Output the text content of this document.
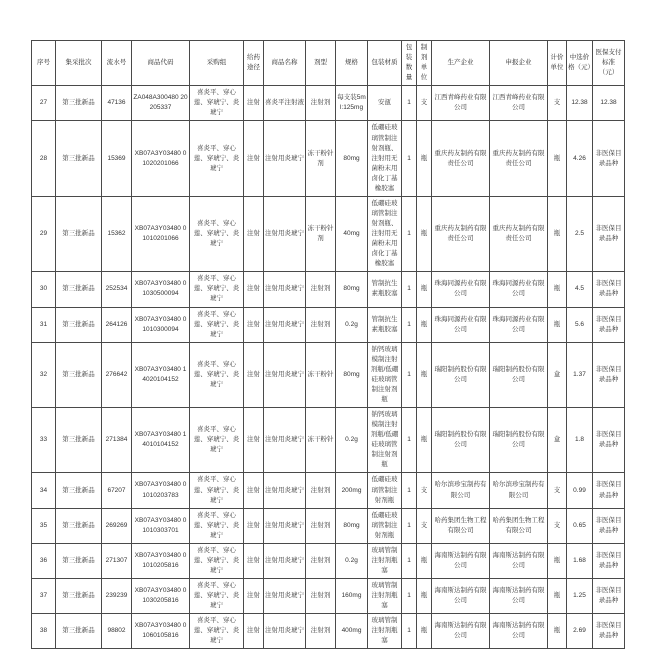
序号	集采批次	流水号	商品代码	采购组	给药途径	商品名称	剂型	规格	包装材质	包装数量	制剂单位	生产企业	申报企业	计价单位	中选价格（元）	医保支付标准（元）
27	第三批新品	47136	ZA048A300480 20205337	喜炎平、穿心莲、穿琥宁、炎琥宁	注射	喜炎平注射液	注射剂	每支装5ml:125mg	安瓿	1	支	江西青峰药业有限公司	江西青峰药业有限公司	支	12.38	12.38
28	第三批新品	15369	XB07A3Y03480 01020201066	喜炎平、穿心莲、穿琥宁、炎琥宁	注射	注射用炎琥宁	冻干粉针剂	80mg	低硼硅玻璃管制注射剂瓶、注射用无菌粉末用卤化丁基橡胶塞	1	瓶	重庆药友制药有限责任公司	重庆药友制药有限责任公司	瓶	4.26	非医保目录品种
29	第三批新品	15362	XB07A3Y03480 01010201066	喜炎平、穿心莲、穿琥宁、炎琥宁	注射	注射用炎琥宁	冻干粉针剂	40mg	低硼硅玻璃管制注射剂瓶、注射用无菌粉末用卤化丁基橡胶塞	1	瓶	重庆药友制药有限责任公司	重庆药友制药有限责任公司	瓶	2.5	非医保目录品种
30	第三批新品	252534	XB07A3Y03480 01030500094	喜炎平、穿心莲、穿琥宁、炎琥宁	注射	注射用炎琥宁	注射剂	80mg	管制抗生素瓶胶塞	1	瓶	珠海同源药业有限公司	珠海同源药业有限公司	瓶	4.5	非医保目录品种
31	第三批新品	264126	XB07A3Y03480 01010300094	喜炎平、穿心莲、穿琥宁、炎琥宁	注射	注射用炎琥宁	注射剂	0.2g	管制抗生素瓶胶塞	1	瓶	珠海同源药业有限公司	珠海同源药业有限公司	瓶	5.6	非医保目录品种
32	第三批新品	276642	XB07A3Y03480 14020104152	喜炎平、穿心莲、穿琥宁、炎琥宁	注射	注射用炎琥宁	冻干粉针	80mg	钠钙玻璃模制注射剂瓶/低硼硅玻璃管制注射剂瓶	1	瓶	瑞阳制药股份有限公司	瑞阳制药股份有限公司	盒	1.37	非医保目录品种
33	第三批新品	271384	XB07A3Y03480 14010104152	喜炎平、穿心莲、穿琥宁、炎琥宁	注射	注射用炎琥宁	冻干粉针	0.2g	钠钙玻璃模制注射剂瓶/低硼硅玻璃管制注射剂瓶	1	瓶	瑞阳制药股份有限公司	瑞阳制药股份有限公司	盒	1.8	非医保目录品种
34	第三批新品	67207	XB07A3Y03480 01010203783	喜炎平、穿心莲、穿琥宁、炎琥宁	注射	注射用炎琥宁	注射剂	200mg	低硼硅玻璃管制注射剂瓶	1	支	哈尔滨珍宝制药有限公司	哈尔滨珍宝制药有限公司	支	0.99	非医保目录品种
35	第三批新品	269269	XB07A3Y03480 01010303701	喜炎平、穿心莲、穿琥宁、炎琥宁	注射	注射用炎琥宁	注射剂	80mg	低硼硅玻璃管制注射剂瓶	1	支	哈药集团生物工程有限公司	哈药集团生物工程有限公司	支	0.65	非医保目录品种
36	第三批新品	271307	XB07A3Y03480 01010205816	喜炎平、穿心莲、穿琥宁、炎琥宁	注射	注射用炎琥宁	注射剂	0.2g	玻璃管制注射剂瓶塞	1	瓶	海南斯达制药有限公司	海南斯达制药有限公司	瓶	1.68	非医保目录品种
37	第三批新品	239239	XB07A3Y03480 01030205816	喜炎平、穿心莲、穿琥宁、炎琥宁	注射	注射用炎琥宁	注射剂	160mg	玻璃管制注射剂瓶塞	1	瓶	海南斯达制药有限公司	海南斯达制药有限公司	瓶	1.25	非医保目录品种
38	第三批新品	98802	XB07A3Y03480 01060105816	喜炎平、穿心莲、穿琥宁、炎琥宁	注射	注射用炎琥宁	注射剂	400mg	玻璃管制注射剂瓶塞	1	瓶	海南斯达制药有限公司	海南斯达制药有限公司	瓶	2.69	非医保目录品种
